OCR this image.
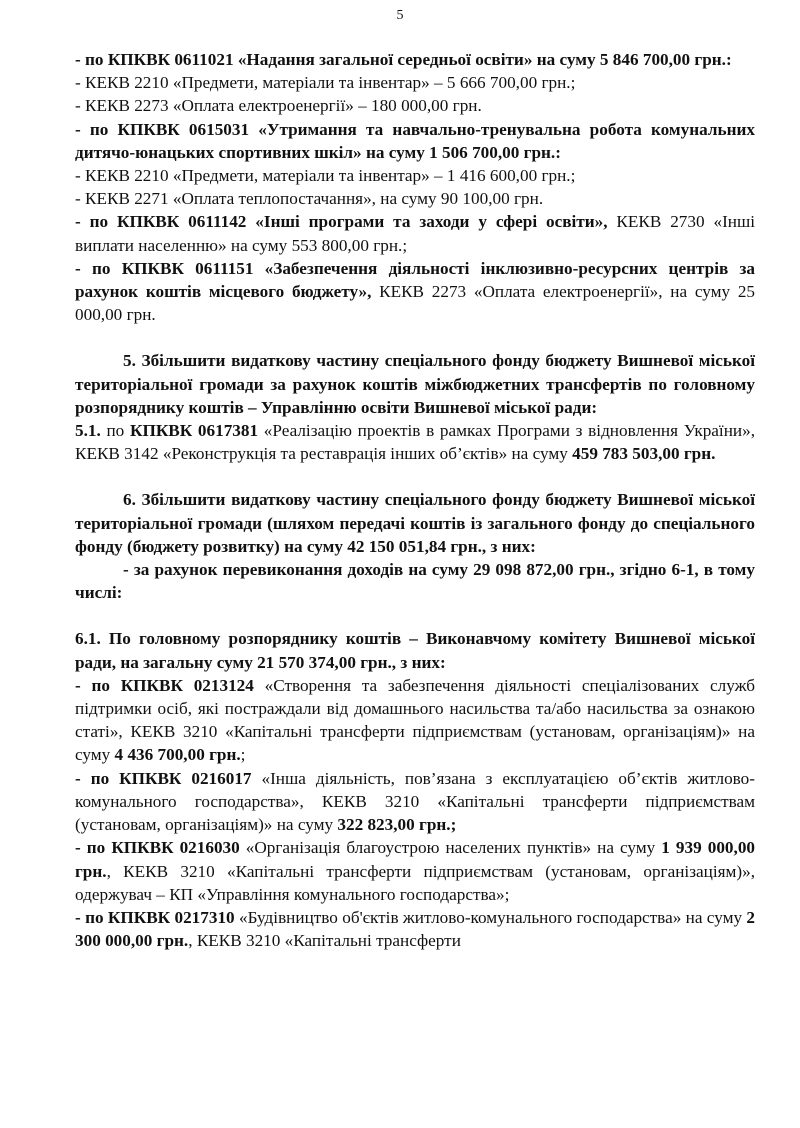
5

- по КПКВК 0611021 «Надання загальної середньої освіти» на суму 5 846 700,00 грн.:

- КЕКВ 2210 «Предмети, матеріали та інвентар» – 5 666 700,00 грн.;

- КЕКВ 2273 «Оплата електроенергії» – 180 000,00 грн.

- по КПКВК 0615031 «Утримання та навчально-тренувальна робота комунальних дитячо-юнацьких спортивних шкіл» на суму 1 506 700,00 грн.:

- КЕКВ 2210 «Предмети, матеріали та інвентар» – 1 416 600,00 грн.;

- КЕКВ 2271 «Оплата теплопостачання», на суму 90 100,00 грн.

- по КПКВК 0611142 «Інші програми та заходи у сфері освіти», КЕКВ 2730 «Інші виплати населенню» на суму 553 800,00 грн.;

- по КПКВК 0611151 «Забезпечення діяльності інклюзивно-ресурсних центрів за рахунок коштів місцевого бюджету», КЕКВ 2273 «Оплата електроенергії», на суму 25 000,00 грн.

5. Збільшити видаткову частину спеціального фонду бюджету Вишневої міської територіальної громади за рахунок коштів міжбюджетних трансфертів по головному розпоряднику коштів – Управлінню освіти Вишневої міської ради:

5.1. по КПКВК 0617381 «Реалізацію проектів в рамках Програми з відновлення України», КЕКВ 3142 «Реконструкція та реставрація інших об’єктів» на суму 459 783 503,00 грн.

6. Збільшити видаткову частину спеціального фонду бюджету Вишневої міської територіальної громади (шляхом передачі коштів із загального фонду до спеціального фонду (бюджету розвитку) на суму 42 150 051,84 грн., з них:

- за рахунок перевиконання доходів на суму 29 098 872,00 грн., згідно 6-1, в тому числі:

6.1. По головному розпоряднику коштів – Виконавчому комітету Вишневої міської ради, на загальну суму 21 570 374,00 грн., з них:

- по КПКВК 0213124 «Створення та забезпечення діяльності спеціалізованих служб підтримки осіб, які постраждали від домашнього насильства та/або насильства за ознакою статі», КЕКВ 3210 «Капітальні трансферти підприємствам (установам, організаціям)» на суму 4 436 700,00 грн.;

- по КПКВК 0216017 «Інша діяльність, пов’язана з експлуатацією об’єктів житлово-комунального господарства», КЕКВ 3210 «Капітальні трансферти підприємствам (установам, організаціям)» на суму 322 823,00 грн.;

- по КПКВК 0216030 «Організація благоустрою населених пунктів» на суму 1 939 000,00 грн., КЕКВ 3210 «Капітальні трансферти підприємствам (установам, організаціям)», одержувач – КП «Управління комунального господарства»;

- по КПКВК 0217310 «Будівництво об'єктів житлово-комунального господарства» на суму 2 300 000,00 грн., КЕКВ 3210 «Капітальні трансферти
